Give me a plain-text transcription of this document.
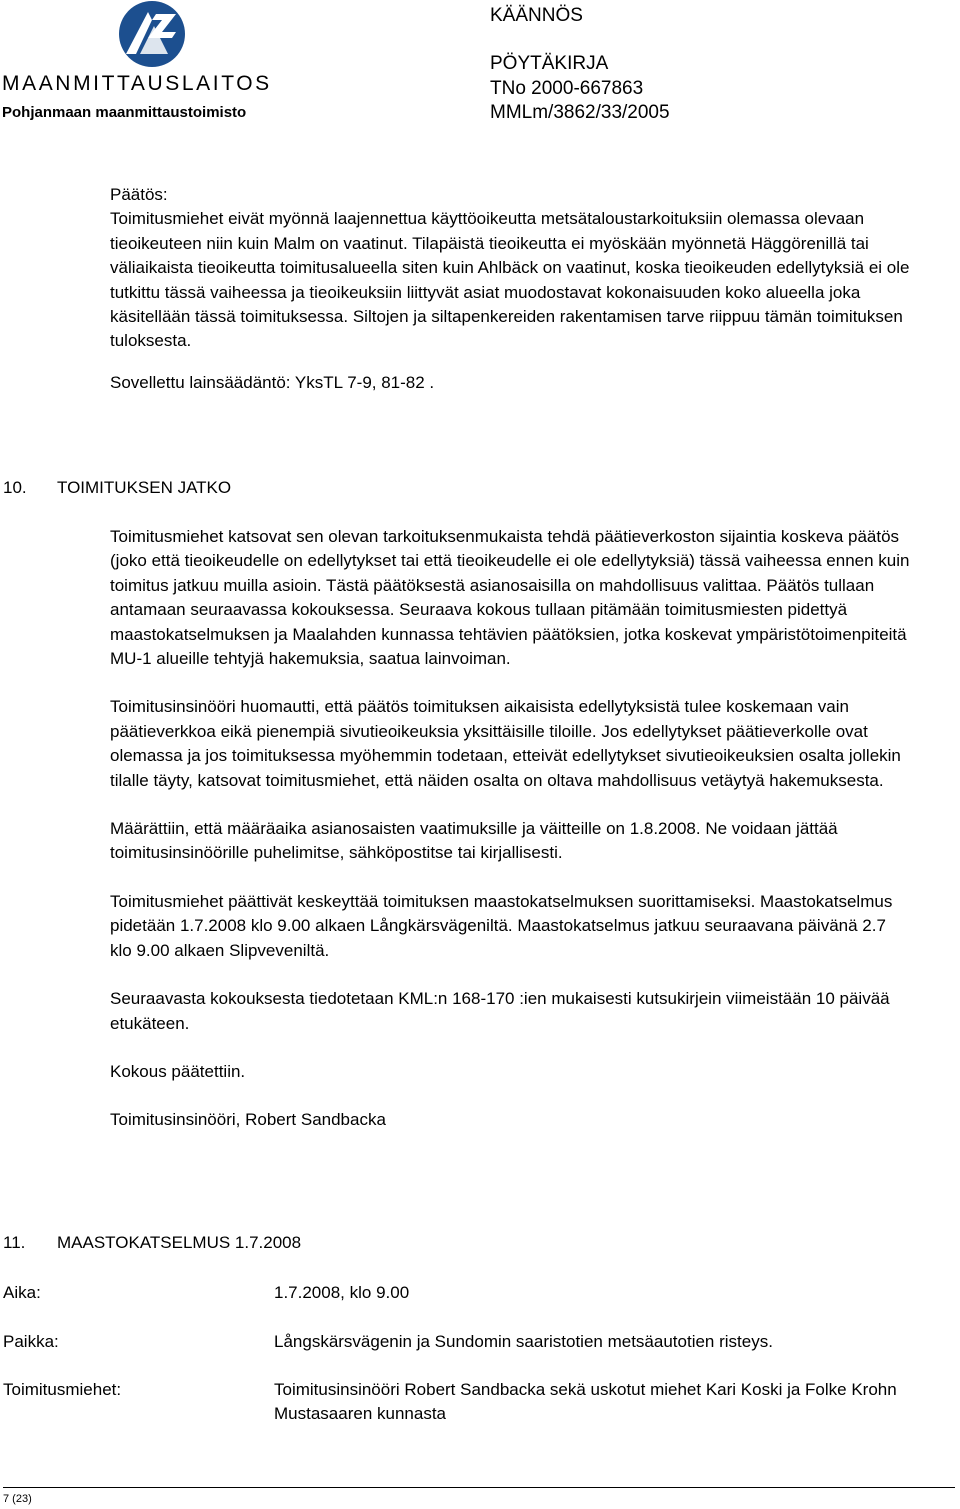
MAANMITTAUSLAITOS
Pohjanmaan maanmittaustoimisto
KÄÄNNÖS
PÖYTÄKIRJA
TNo 2000-667863
MMLm/3862/33/2005

Päätös:

Toimitusmiehet eivät myönnä laajennettua käyttöoikeutta metsätaloustarkoituksiin olemassa olevaan tieoikeuteen niin kuin Malm on vaatinut. Tilapäistä tieoikeutta ei myöskään myönnetä Häggörenillä tai väliaikaista tieoikeutta toimitusalueella siten kuin Ahlbäck on vaatinut, koska tieoikeuden edellytyksiä ei ole tutkittu tässä vaiheessa ja tieoikeuksiin liittyvät asiat muodostavat kokonaisuuden koko alueella joka käsitellään tässä toimituksessa. Siltojen ja siltapenkereiden rakentamisen tarve riippuu tämän toimituksen tuloksesta.

Sovellettu lainsäädäntö: YksTL 7-9, 81-82 .

10. TOIMITUKSEN JATKO

Toimitusmiehet katsovat sen olevan tarkoituksenmukaista tehdä päätieverkoston sijaintia koskeva päätös (joko että tieoikeudelle on edellytykset tai että tieoikeudelle ei ole edellytyksiä) tässä vaiheessa ennen kuin toimitus jatkuu muilla asioin. Tästä päätöksestä asianosaisilla on mahdollisuus valittaa. Päätös tullaan antamaan seuraavassa kokouksessa. Seuraava kokous tullaan pitämään toimitusmiesten pidettyä maastokatselmuksen ja Maalahden kunnassa tehtävien päätöksien, jotka koskevat ympäristötoimenpiteitä MU-1 alueille tehtyjä hakemuksia, saatua lainvoiman.

Toimitusinsinööri huomautti, että päätös toimituksen aikaisista edellytyksistä tulee koskemaan vain päätieverkkoa eikä pienempiä sivutieoikeuksia yksittäisille tiloille. Jos edellytykset päätieverkolle ovat olemassa ja jos toimituksessa myöhemmin todetaan, etteivät edellytykset sivutieoikeuksien osalta jollekin tilalle täyty, katsovat toimitusmiehet, että näiden osalta on oltava mahdollisuus vetäytyä hakemuksesta.

Määrättiin, että määräaika asianosaisten vaatimuksille ja väitteille on 1.8.2008. Ne voidaan jättää toimitusinsinöörille puhelimitse, sähköpostitse tai kirjallisesti.

Toimitusmiehet päättivät keskeyttää toimituksen maastokatselmuksen suorittamiseksi. Maastokatselmus pidetään 1.7.2008 klo 9.00 alkaen Långkärsvägeniltä. Maastokatselmus jatkuu seuraavana päivänä 2.7 klo 9.00 alkaen Slipveveniltä.

Seuraavasta kokouksesta tiedotetaan KML:n 168-170 :ien mukaisesti kutsukirjein viimeistään 10 päivää etukäteen.

Kokous päätettiin.

Toimitusinsinööri, Robert Sandbacka

11. MAASTOKATSELMUS 1.7.2008
Aika:	1.7.2008, klo 9.00
Paikka:	Långskärsvägenin ja Sundomin saaristotien metsäautotien risteys.
Toimitusmiehet:	Toimitusinsinööri Robert Sandbacka sekä uskotut miehet Kari Koski ja Folke Krohn Mustasaaren kunnasta
7 (23)
